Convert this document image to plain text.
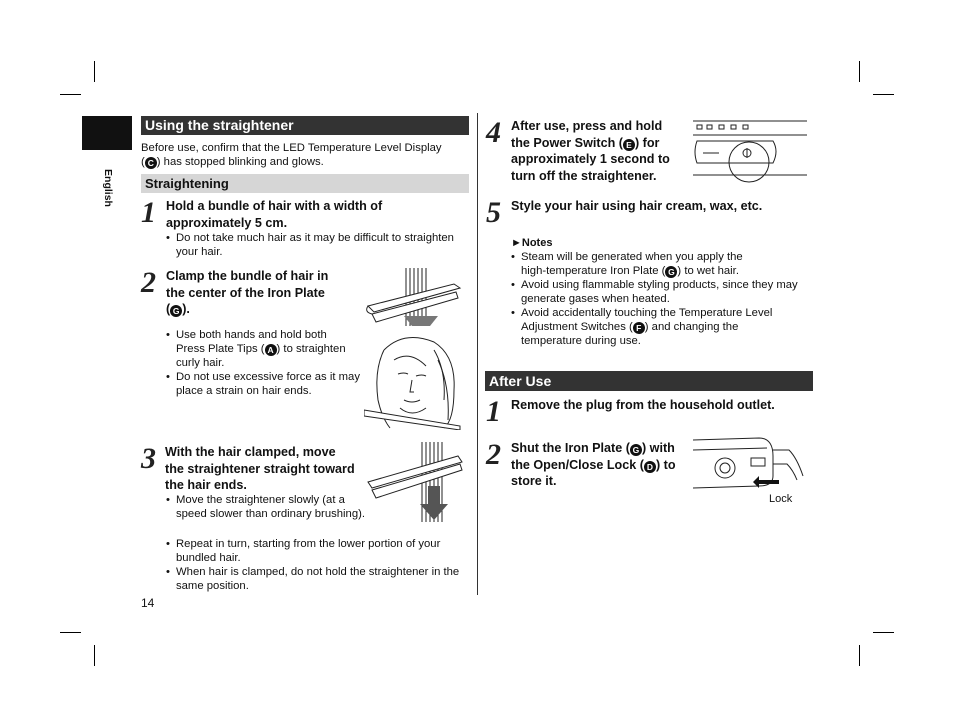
English
Using the straightener
Before use, confirm that the LED Temperature Level Display
( C ) has stopped blinking and glows.
Straightening
1 Hold a bundle of hair with a width of approximately 5 cm.
• Do not take much hair as it may be difficult to straighten your hair.
2 Clamp the bundle of hair in
the center of the Iron Plate
( G ).
• Use both hands and hold both
Press Plate Tips ( A ) to straighten
curly hair.
• Do not use excessive force as it may place a strain on hair ends.
3 With the hair clamped, move the straightener straight toward the hair ends.
• Move the straightener slowly (at a speed slower than ordinary brushing).
• Repeat in turn, starting from the lower portion of your bundled hair.
• When hair is clamped, do not hold the straightener in the same position.
14
4 After use, press and hold
the Power Switch ( E ) for
approximately 1 second to
turn off the straightener.
5 Style your hair using hair cream, wax, etc.
►Notes
• Steam will be generated when you apply the
high-temperature Iron Plate ( G ) to wet hair.
• Avoid using flammable styling products, since they may generate gases when heated.
• Avoid accidentally touching the Temperature Level
Adjustment Switches ( F ) and changing the
temperature during use.
After Use
1 Remove the plug from the household outlet.
2 Shut the Iron Plate ( G ) with
the Open/Close Lock ( D ) to
store it.
Lock
